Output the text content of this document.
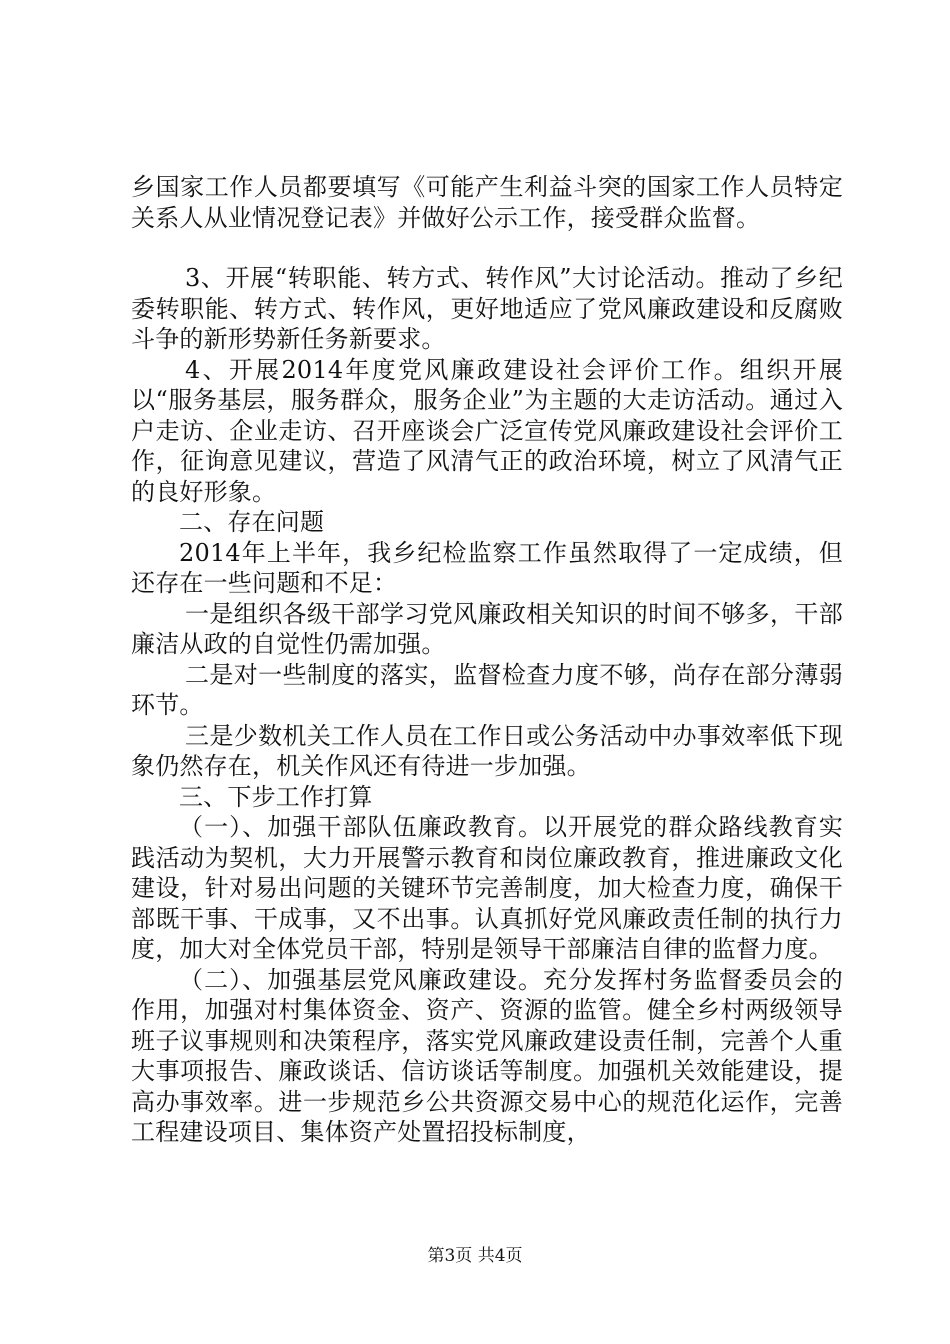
乡国家工作人员都要填写《可能产生利益斗突的国家工作人员特定关系人从业情况登记表》并做好公示工作，接受群众监督。

3、开展“转职能、转方式、转作风”大讨论活动。推动了乡纪委转职能、转方式、转作风，更好地适应了党风廉政建设和反腐败斗争的新形势新任务新要求。

4、开展2014年度党风廉政建设社会评价工作。组织开展以“服务基层，服务群众，服务企业”为主题的大走访活动。通过入户走访、企业走访、召开座谈会广泛宣传党风廉政建设社会评价工作，征询意见建议，营造了风清气正的政治环境，树立了风清气正的良好形象。

二、存在问题

2014年上半年，我乡纪检监察工作虽然取得了一定成绩，但还存在一些问题和不足：

一是组织各级干部学习党风廉政相关知识的时间不够多，干部廉洁从政的自觉性仍需加强。

二是对一些制度的落实，监督检查力度不够，尚存在部分薄弱环节。

三是少数机关工作人员在工作日或公务活动中办事效率低下现象仍然存在，机关作风还有待进一步加强。

三、下步工作打算

（一）、加强干部队伍廉政教育。以开展党的群众路线教育实践活动为契机，大力开展警示教育和岗位廉政教育，推进廉政文化建设，针对易出问题的关键环节完善制度，加大检查力度，确保干部既干事、干成事，又不出事。认真抓好党风廉政责任制的执行力度，加大对全体党员干部，特别是领导干部廉洁自律的监督力度。

（二）、加强基层党风廉政建设。充分发挥村务监督委员会的作用，加强对村集体资金、资产、资源的监管。健全乡村两级领导班子议事规则和决策程序，落实党风廉政建设责任制，完善个人重大事项报告、廉政谈话、信访谈话等制度。加强机关效能建设，提高办事效率。进一步规范乡公共资源交易中心的规范化运作，完善工程建设项目、集体资产处置招投标制度，

第3页 共4页
